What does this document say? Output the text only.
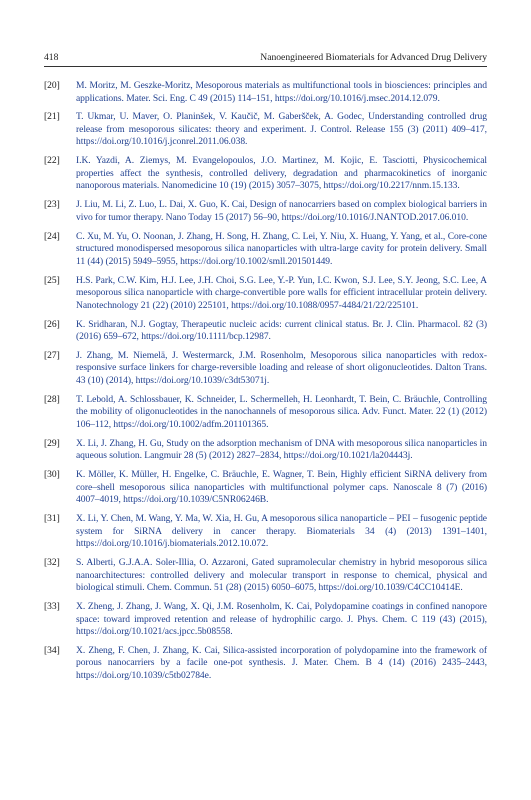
418	Nanoengineered Biomaterials for Advanced Drug Delivery
[20]	M. Moritz, M. Geszke-Moritz, Mesoporous materials as multifunctional tools in biosciences: principles and applications. Mater. Sci. Eng. C 49 (2015) 114–151, https://doi.org/10.1016/j.msec.2014.12.079.
[21]	T. Ukmar, U. Maver, O. Planinšek, V. Kaučič, M. Gaberšček, A. Godec, Understanding controlled drug release from mesoporous silicates: theory and experiment. J. Control. Release 155 (3) (2011) 409–417, https://doi.org/10.1016/j.jconrel.2011.06.038.
[22]	I.K. Yazdi, A. Ziemys, M. Evangelopoulos, J.O. Martinez, M. Kojic, E. Tasciotti, Physicochemical properties affect the synthesis, controlled delivery, degradation and pharmacokinetics of inorganic nanoporous materials. Nanomedicine 10 (19) (2015) 3057–3075, https://doi.org/10.2217/nnm.15.133.
[23]	J. Liu, M. Li, Z. Luo, L. Dai, X. Guo, K. Cai, Design of nanocarriers based on complex biological barriers in vivo for tumor therapy. Nano Today 15 (2017) 56–90, https://doi.org/10.1016/J.NANTOD.2017.06.010.
[24]	C. Xu, M. Yu, O. Noonan, J. Zhang, H. Song, H. Zhang, C. Lei, Y. Niu, X. Huang, Y. Yang, et al., Core-cone structured monodispersed mesoporous silica nanoparticles with ultra-large cavity for protein delivery. Small 11 (44) (2015) 5949–5955, https://doi.org/10.1002/smll.201501449.
[25]	H.S. Park, C.W. Kim, H.J. Lee, J.H. Choi, S.G. Lee, Y.-P. Yun, I.C. Kwon, S.J. Lee, S.Y. Jeong, S.C. Lee, A mesoporous silica nanoparticle with charge-convertible pore walls for efficient intracellular protein delivery. Nanotechnology 21 (22) (2010) 225101, https://doi.org/10.1088/0957-4484/21/22/225101.
[26]	K. Sridharan, N.J. Gogtay, Therapeutic nucleic acids: current clinical status. Br. J. Clin. Pharmacol. 82 (3) (2016) 659–672, https://doi.org/10.1111/bcp.12987.
[27]	J. Zhang, M. Niemelä, J. Westermarck, J.M. Rosenholm, Mesoporous silica nanoparticles with redox-responsive surface linkers for charge-reversible loading and release of short oligonucleotides. Dalton Trans. 43 (10) (2014), https://doi.org/10.1039/c3dt53071j.
[28]	T. Lebold, A. Schlossbauer, K. Schneider, L. Schermelleh, H. Leonhardt, T. Bein, C. Bräuchle, Controlling the mobility of oligonucleotides in the nanochannels of mesoporous silica. Adv. Funct. Mater. 22 (1) (2012) 106–112, https://doi.org/10.1002/adfm.201101365.
[29]	X. Li, J. Zhang, H. Gu, Study on the adsorption mechanism of DNA with mesoporous silica nanoparticles in aqueous solution. Langmuir 28 (5) (2012) 2827–2834, https://doi.org/10.1021/la204443j.
[30]	K. Möller, K. Müller, H. Engelke, C. Bräuchle, E. Wagner, T. Bein, Highly efficient SiRNA delivery from core–shell mesoporous silica nanoparticles with multifunctional polymer caps. Nanoscale 8 (7) (2016) 4007–4019, https://doi.org/10.1039/C5NR06246B.
[31]	X. Li, Y. Chen, M. Wang, Y. Ma, W. Xia, H. Gu, A mesoporous silica nanoparticle – PEI – fusogenic peptide system for SiRNA delivery in cancer therapy. Biomaterials 34 (4) (2013) 1391–1401, https://doi.org/10.1016/j.biomaterials.2012.10.072.
[32]	S. Alberti, G.J.A.A. Soler-Illia, O. Azzaroni, Gated supramolecular chemistry in hybrid mesoporous silica nanoarchitectures: controlled delivery and molecular transport in response to chemical, physical and biological stimuli. Chem. Commun. 51 (28) (2015) 6050–6075, https://doi.org/10.1039/C4CC10414E.
[33]	X. Zheng, J. Zhang, J. Wang, X. Qi, J.M. Rosenholm, K. Cai, Polydopamine coatings in confined nanopore space: toward improved retention and release of hydrophilic cargo. J. Phys. Chem. C 119 (43) (2015), https://doi.org/10.1021/acs.jpcc.5b08558.
[34]	X. Zheng, F. Chen, J. Zhang, K. Cai, Silica-assisted incorporation of polydopamine into the framework of porous nanocarriers by a facile one-pot synthesis. J. Mater. Chem. B 4 (14) (2016) 2435–2443, https://doi.org/10.1039/c5tb02784e.
